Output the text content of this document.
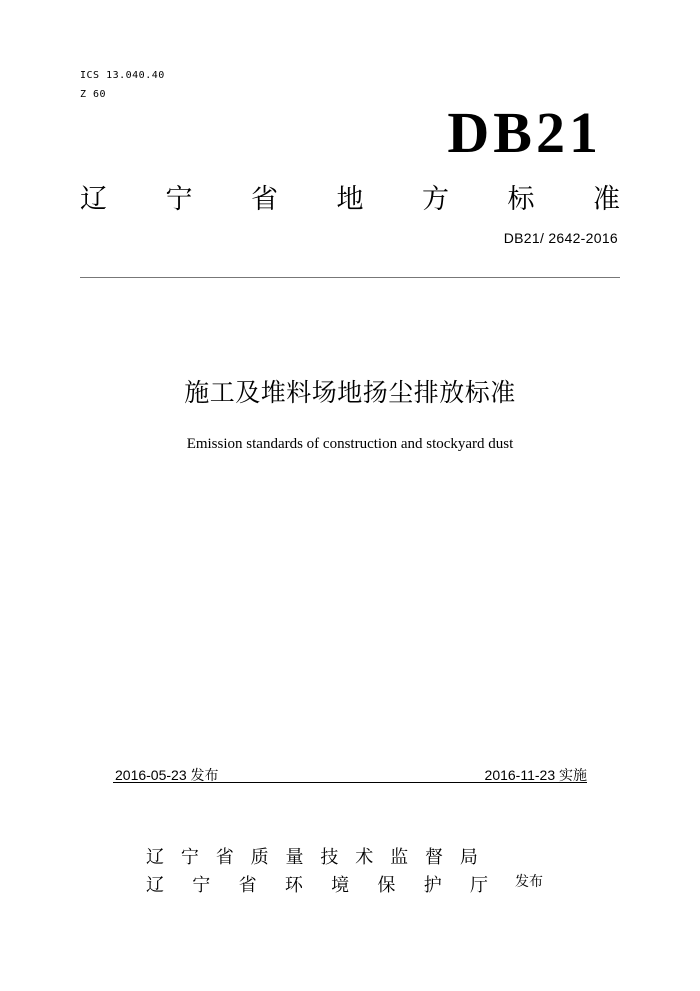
ICS 13.040.40
Z 60
DB21
辽 宁 省 地 方 标 准
DB21/ 2642-2016
施工及堆料场地扬尘排放标准
Emission standards of construction and stockyard dust
2016-05-23 发布	2016-11-23 实施
辽 宁 省 质 量 技 术 监 督 局
辽 宁 省 环 境 保 护 厅 发布
